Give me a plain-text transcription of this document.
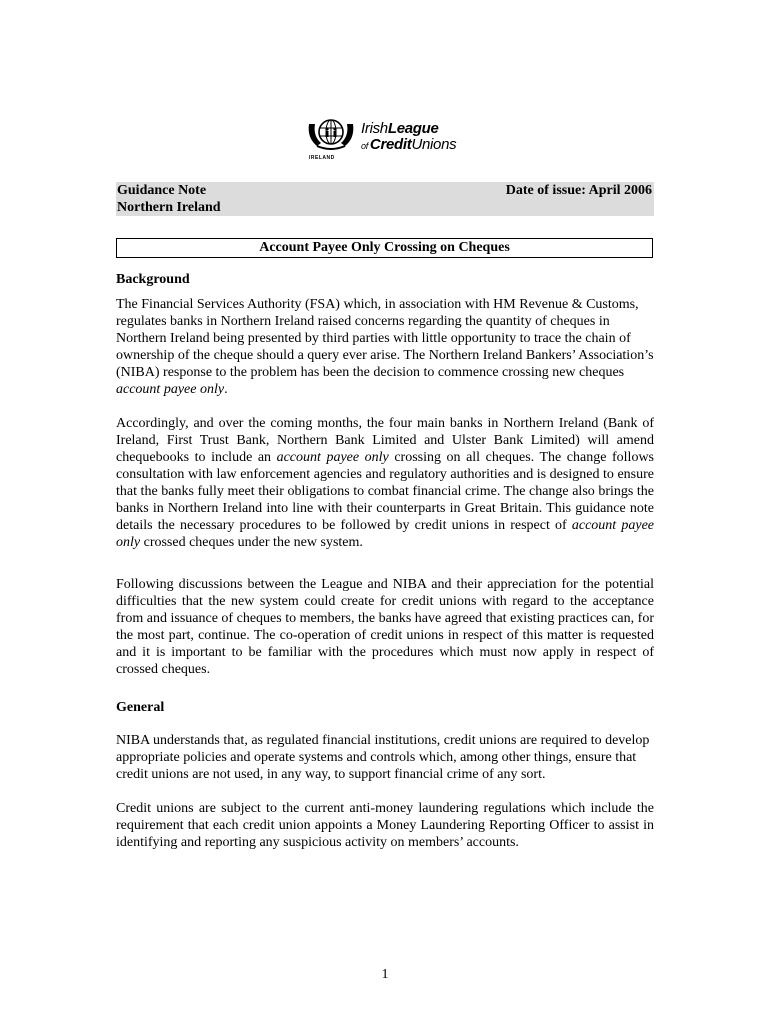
IRELAND
IrishLeague
of CreditUnions
Guidance Note
Northern Ireland
Date of issue: April 2006
Account Payee Only Crossing on Cheques
Background

The Financial Services Authority (FSA) which, in association with HM Revenue & Customs, regulates banks in Northern Ireland raised concerns regarding the quantity of cheques in Northern Ireland being presented by third parties with little opportunity to trace the chain of ownership of the cheque should a query ever arise. The Northern Ireland Bankers’ Association’s (NIBA) response to the problem has been the decision to commence crossing new cheques account payee only.

Accordingly, and over the coming months, the four main banks in Northern Ireland (Bank of Ireland, First Trust Bank, Northern Bank Limited and Ulster Bank Limited) will amend chequebooks to include an account payee only crossing on all cheques. The change follows consultation with law enforcement agencies and regulatory authorities and is designed to ensure that the banks fully meet their obligations to combat financial crime. The change also brings the banks in Northern Ireland into line with their counterparts in Great Britain. This guidance note details the necessary procedures to be followed by credit unions in respect of account payee only crossed cheques under the new system.

Following discussions between the League and NIBA and their appreciation for the potential difficulties that the new system could create for credit unions with regard to the acceptance from and issuance of cheques to members, the banks have agreed that existing practices can, for the most part, continue. The co-operation of credit unions in respect of this matter is requested and it is important to be familiar with the procedures which must now apply in respect of crossed cheques.

General

NIBA understands that, as regulated financial institutions, credit unions are required to develop appropriate policies and operate systems and controls which, among other things, ensure that credit unions are not used, in any way, to support financial crime of any sort.

Credit unions are subject to the current anti-money laundering regulations which include the requirement that each credit union appoints a Money Laundering Reporting Officer to assist in identifying and reporting any suspicious activity on members’ accounts.

1
